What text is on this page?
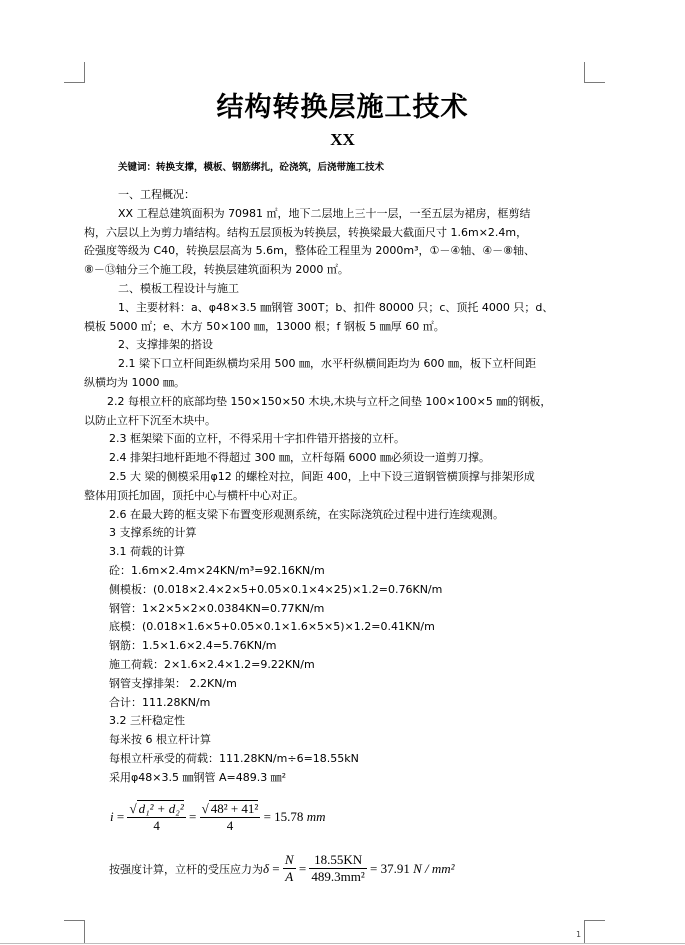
1
结构转换层施工技术
XX
关键词：转换支撑，模板、钢筋绑扎，砼浇筑，后浇带施工技术

一、工程概况：

XX 工程总建筑面积为 70981 ㎡，地下二层地上三十一层，一至五层为裙房，框剪结

构，六层以上为剪力墙结构。结构五层顶板为转换层，转换梁最大截面尺寸 1.6m×2.4m，

砼强度等级为 C40，转换层层高为 5.6m，整体砼工程里为 2000m³，①－④轴、④－⑧轴、

⑧－⑬轴分三个施工段，转换层建筑面积为 2000 ㎡。

二、模板工程设计与施工

1、主要材料：a、φ48×3.5 ㎜钢管 300T；b、扣件 80000 只；c、顶托 4000 只；d、

模板 5000 ㎡；e、木方 50×100 ㎜，13000 根；f 钢板 5 ㎜厚 60 ㎡。

2、支撑排架的搭设

2.1 梁下口立杆间距纵横均采用 500 ㎜，水平杆纵横间距均为 600 ㎜，板下立杆间距

纵横均为 1000 ㎜。

2.2 每根立杆的底部均垫 150×150×50 木块,木块与立杆之间垫 100×100×5 ㎜的钢板，

以防止立杆下沉至木块中。

2.3 框架梁下面的立杆，不得采用十字扣件错开搭接的立杆。

2.4 排架扫地杆距地不得超过 300 ㎜，立杆每隔 6000 ㎜必须设一道剪刀撑。

2.5 大 梁的侧模采用φ12 的螺栓对拉，间距 400，上中下设三道钢管横顶撑与排架形成

整体用顶托加固，顶托中心与横杆中心对正。

2.6 在最大跨的框支梁下布置变形观测系统，在实际浇筑砼过程中进行连续观测。

3 支撑系统的计算

3.1 荷载的计算

砼：1.6m×2.4m×24KN/m³=92.16KN/m

侧模板：(0.018×2.4×2×5+0.05×0.1×4×25)×1.2=0.76KN/m

钢管：1×2×5×2×0.0384KN=0.77KN/m

底模：(0.018×1.6×5+0.05×0.1×1.6×5×5)×1.2=0.41KN/m

钢筋：1.5×1.6×2.4=5.76KN/m

施工荷载：2×1.6×2.4×1.2=9.22KN/m

钢管支撑排架： 2.2KN/m

合计：111.28KN/m

3.2 三杆稳定性

每米按 6 根立杆计算

每根立杆承受的荷载：111.28KN/m÷6=18.55kN

采用φ48×3.5 ㎜钢管 A=489.3 ㎜²

$i = \frac{\text{√ d₁² + d₂²}}{4} = \frac{\text{√ 48² + 41²}}{4} = 15.78$ mm
按强度计算，立杆的受压应力为$\delta = \frac{N}{A} = \frac{18.55KN}{\text{489.3mm²}} = 37.91$ N / mm²
